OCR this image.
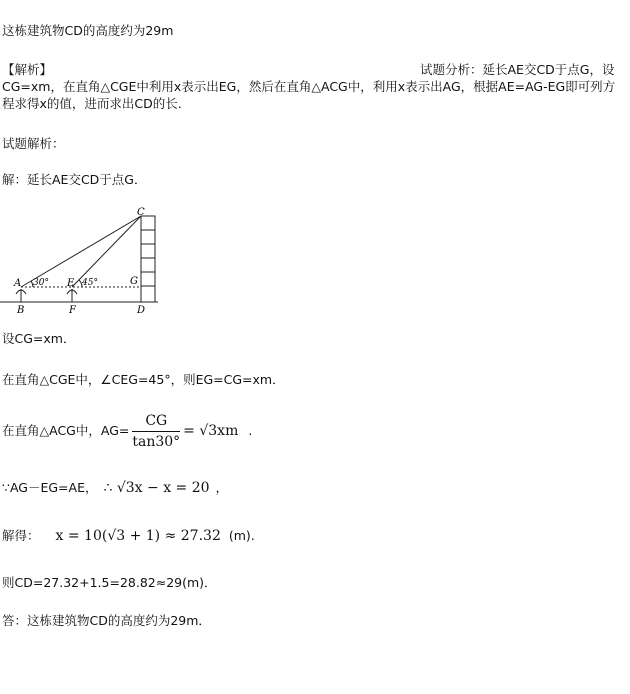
这栋建筑物CD的高度约为29m
【解析】	试题分析：延长AE交CD于点G，设
CG=xm，在直角△CGE中利用x表示出EG，然后在直角△ACG中，利用x表示出AG，根据AE=AG-EG即可列方程求得x的值，进而求出CD的长.
试题解析：
解：延长AE交CD于点G．
C
A 30° E 45°	G
B	F	D
设CG=xm．
在直角△CGE中，∠CEG=45°，则EG=CG=xm．
在直角△ACG中，$AG= \frac{CG}{\tan 30^\circ} = √3xm$ .
∵AG－EG=AE， ∴ √3x − x = 20 ，
解得： x = 10(√3 + 1) ≈ 27.32 (m).
则CD=27.32+1.5=28.82≈29(m)．
答：这栋建筑物CD的高度约为29m．
